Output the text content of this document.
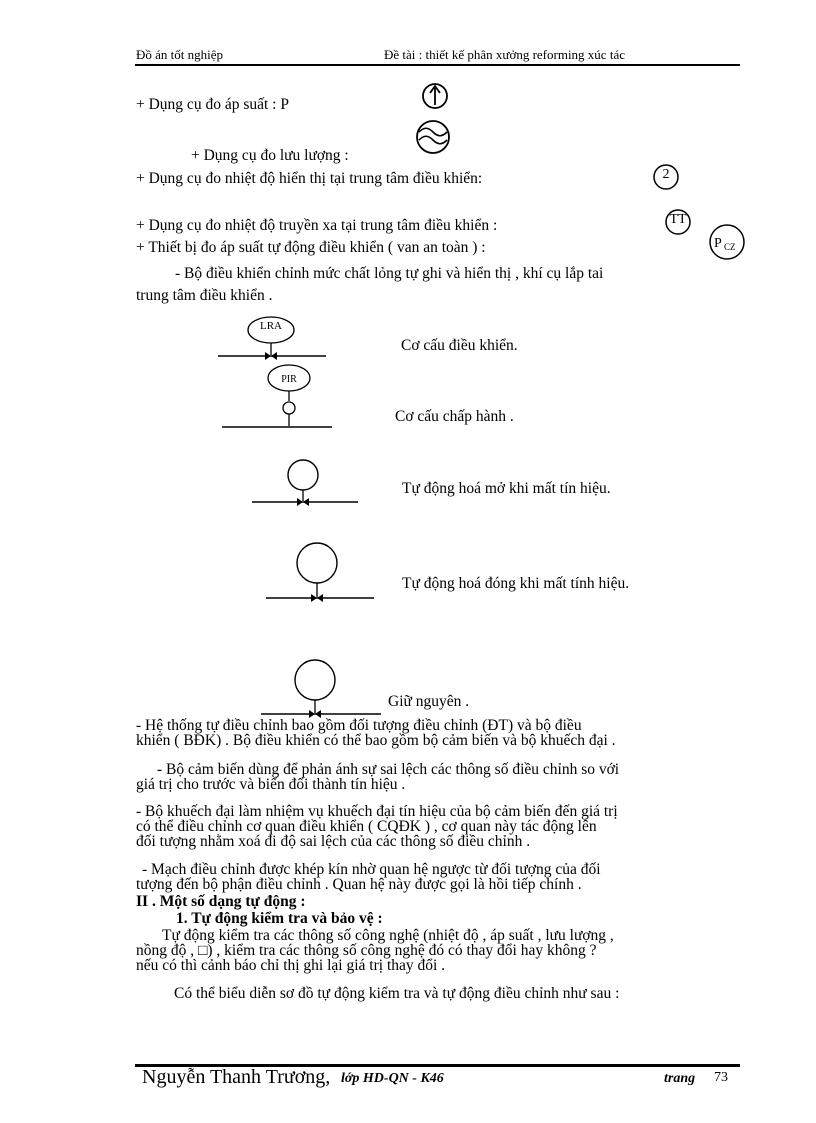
Đồ án tốt nghiệp	Đề tài : thiết kế phân xưởng reforming xúc tác
+ Dụng cụ đo áp suất : P
+ Dụng cụ đo lưu lượng :
+ Dụng cụ đo nhiệt độ hiển thị tại trung tâm điều khiển:	2
+ Dụng cụ đo nhiệt độ truyền xa tại trung tâm điều khiển :	TT
+ Thiết bị đo áp suất tự động điều khiển ( van an toàn ) :	P CZ
- Bộ điều khiển chỉnh mức chất lỏng tự ghi và hiển thị , khí cụ lắp tai
trung tâm điều khiển .
LRA
Cơ cấu điều khiển.
PIR
Cơ cấu chấp hành .
Tự động hoá mở khi mất tín hiệu.
Tự động hoá đóng khi mất tính hiệu.
Giữ nguyên .
- Hệ thống tự điều chỉnh bao gồm đối tượng điều chỉnh (ĐT) và bộ điều
khiển ( BĐK) . Bộ điều khiển có thể bao gồm bộ cảm biến và bộ khuếch đại .
- Bộ cảm biến dùng để phản ánh sự sai lệch các thông số điều chỉnh so với
giá trị cho trước và biến đổi thành tín hiệu .
- Bộ khuếch đại làm nhiệm vụ khuếch đại tín hiệu của bộ cảm biến đến giá trị
có thể điều chỉnh cơ quan điều khiển ( CQĐK ) , cơ quan này tác động lên
đối tượng nhằm xoá đi độ sai lệch của các thông số điều chỉnh .
- Mạch điều chỉnh được khép kín nhờ quan hệ ngược từ đối tượng của đối
tượng đến bộ phận điều chỉnh . Quan hệ này được gọi là hồi tiếp chính .
II . Một số dạng tự động :
1. Tự động kiểm tra và bảo vệ :
Tự động kiểm tra các thông số công nghệ (nhiệt độ , áp suất , lưu lượng ,
nồng độ , □) , kiểm tra các thông số công nghệ đó có thay đổi hay không ?
nếu có thì cảnh báo chỉ thị ghi lại giá trị thay đổi .
Có thể biểu diễn sơ đồ tự động kiểm tra và tự động điều chỉnh như sau :
Nguyễn Thanh Trương, lớp HD-QN - K46	trang 73
